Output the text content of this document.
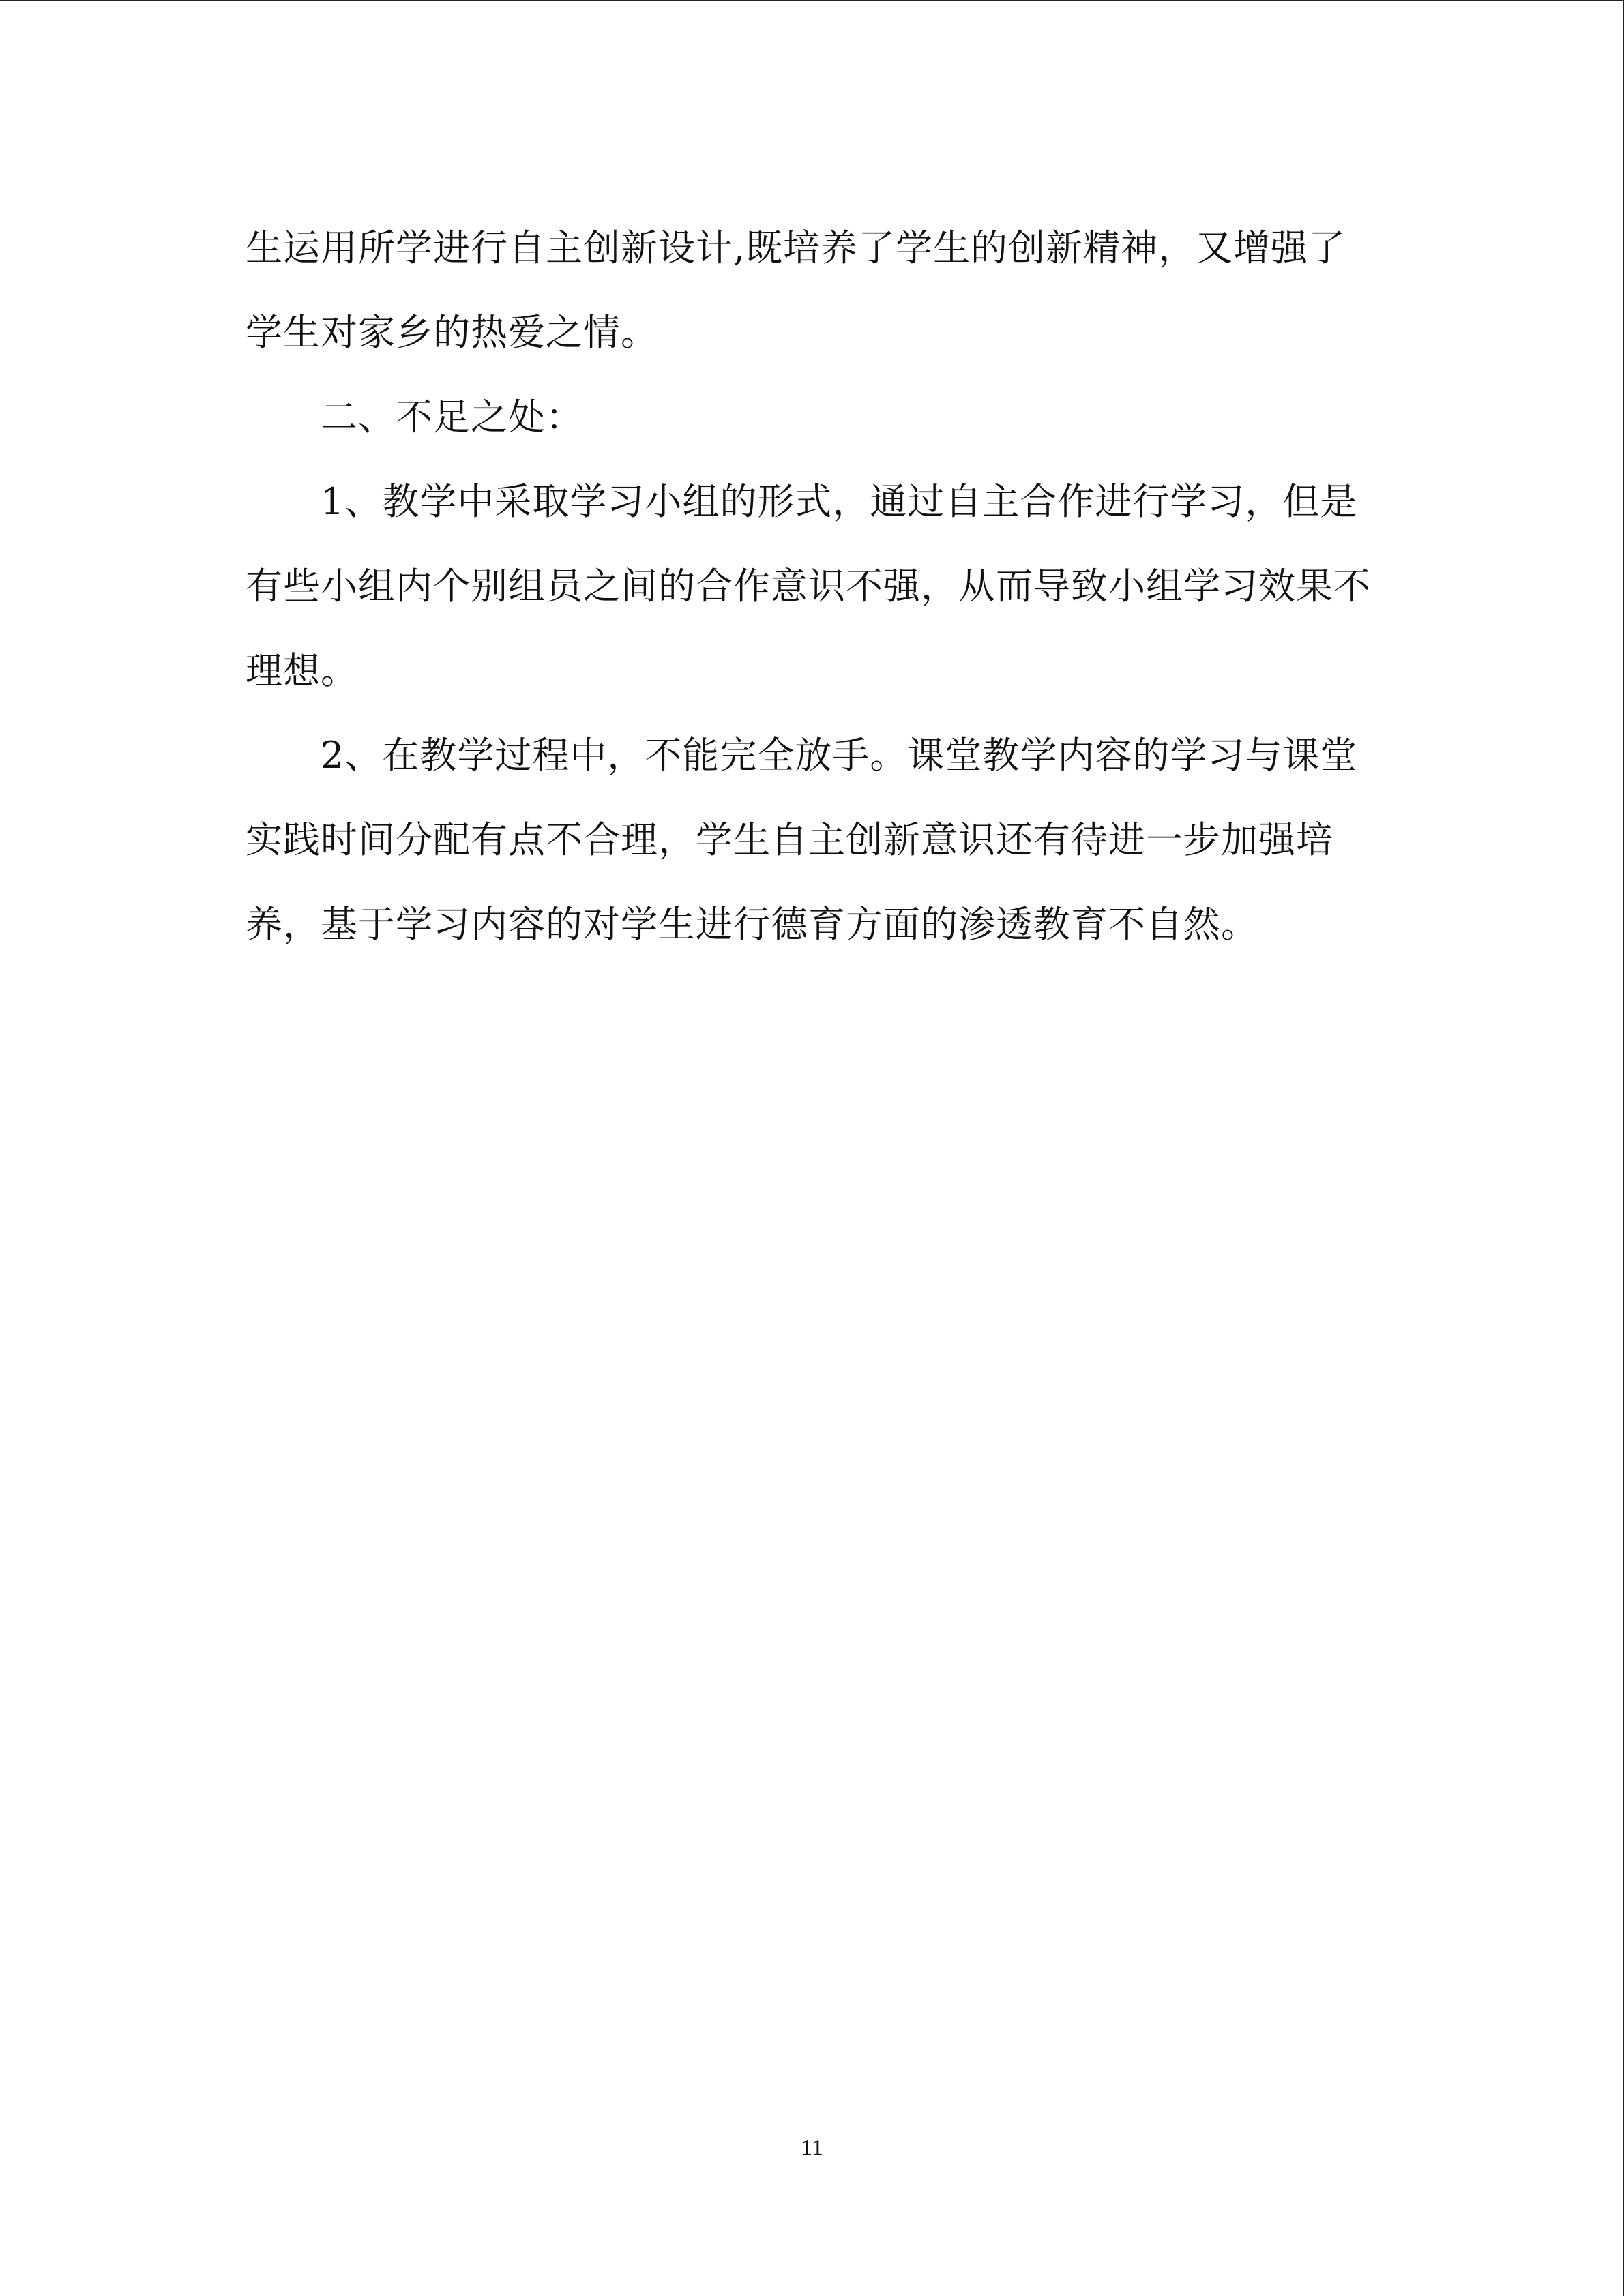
生运用所学进行自主创新设计,既培养了学生的创新精神，又增强了学生对家乡的热爱之情。

二、不足之处：

1、教学中采取学习小组的形式，通过自主合作进行学习，但是有些小组内个别组员之间的合作意识不强，从而导致小组学习效果不理想。

2、在教学过程中，不能完全放手。课堂教学内容的学习与课堂实践时间分配有点不合理，学生自主创新意识还有待进一步加强培养，基于学习内容的对学生进行德育方面的渗透教育不自然。

11
